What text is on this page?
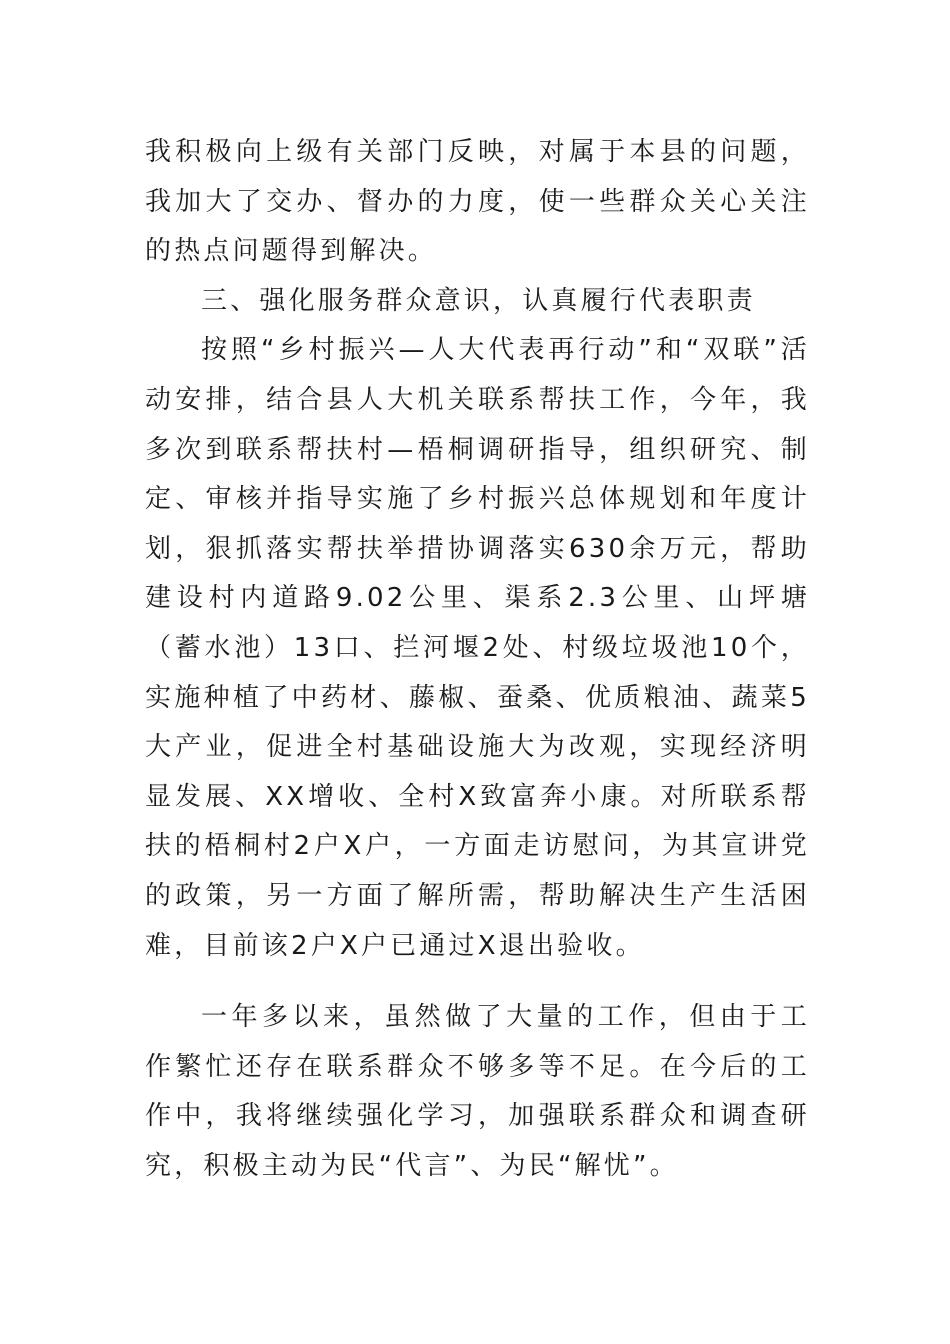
我积极向上级有关部门反映，对属于本县的问题，我加大了交办、督办的力度，使一些群众关心关注的热点问题得到解决。

三、强化服务群众意识，认真履行代表职责

按照“乡村振兴—人大代表再行动”和“双联”活动安排，结合县人大机关联系帮扶工作，今年，我多次到联系帮扶村—梧桐调研指导，组织研究、制定、审核并指导实施了乡村振兴总体规划和年度计划，狠抓落实帮扶举措协调落实630余万元，帮助建设村内道路9.02公里、渠系2.3公里、山坪塘（蓄水池）13口、拦河堰2处、村级垃圾池10个，实施种植了中药材、藤椒、蚕桑、优质粮油、蔬菜5大产业，促进全村基础设施大为改观，实现经济明显发展、XX增收、全村X致富奔小康。对所联系帮扶的梧桐村2户X户，一方面走访慰问，为其宣讲党的政策，另一方面了解所需，帮助解决生产生活困难，目前该2户X户已通过X退出验收。

一年多以来，虽然做了大量的工作，但由于工作繁忙还存在联系群众不够多等不足。在今后的工作中，我将继续强化学习，加强联系群众和调查研究，积极主动为民“代言”、为民“解忧”。
